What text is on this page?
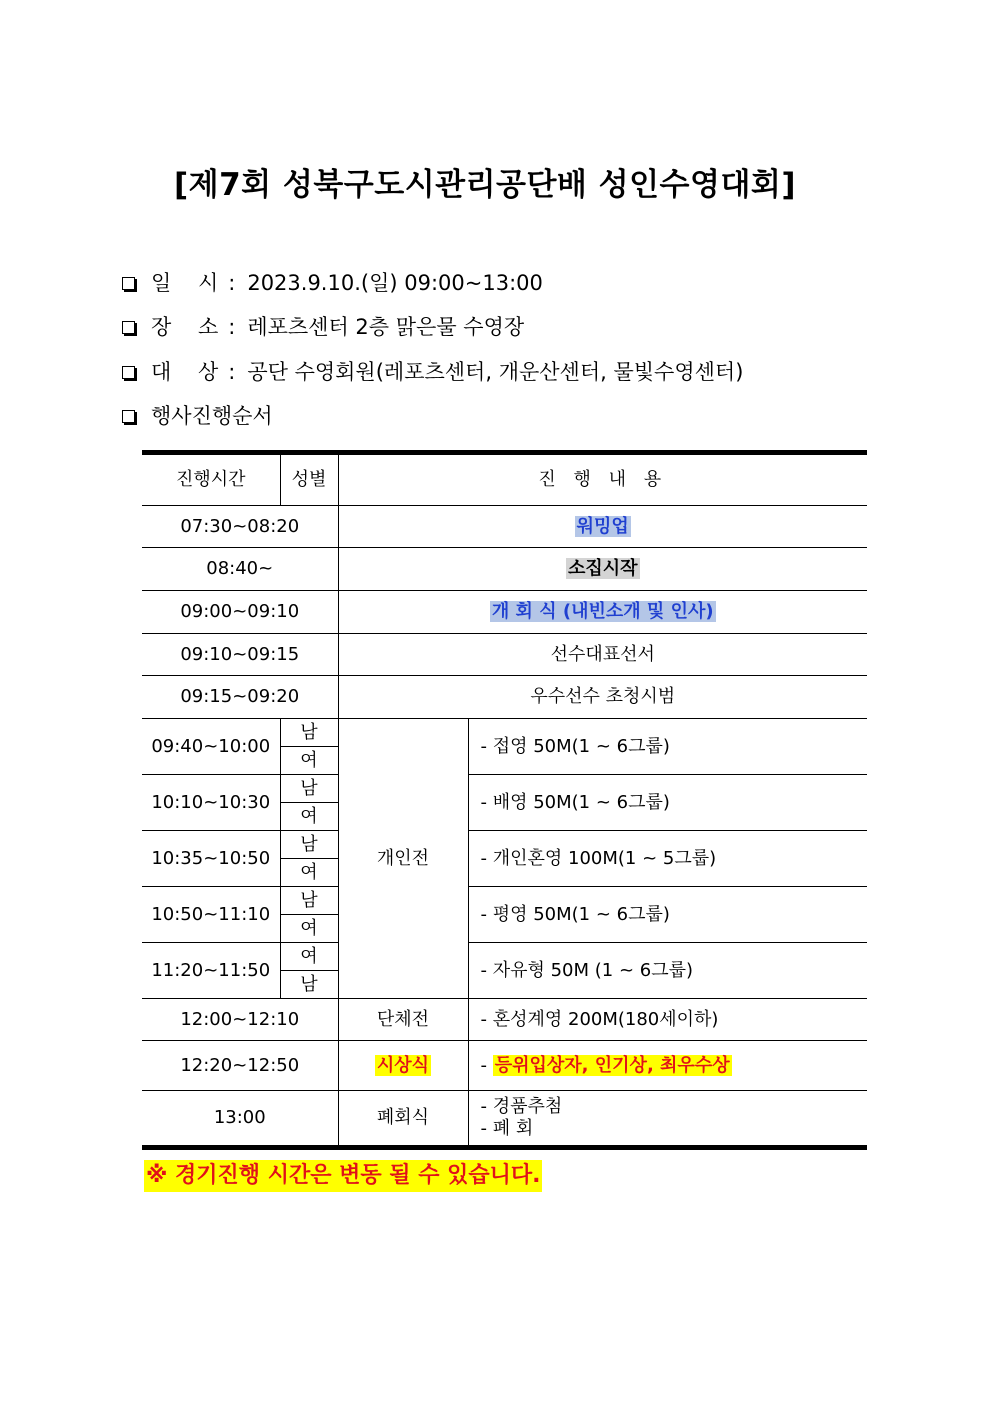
[제7회 성북구도시관리공단배 성인수영대회]
일 시 : 2023.9.10.(일) 09:00~13:00
장 소 : 레포츠센터 2층 맑은물 수영장
대 상 : 공단 수영회원(레포츠센터, 개운산센터, 물빛수영센터)
행사진행순서
진행시간	성별	진 행 내 용	
07:30~08:20		워밍업	
08:40~		소집시작	
09:00~09:10		개 회 식 (내빈소개 및 인사)	
09:10~09:15		선수대표선서	
09:15~09:20		우수선수 초청시범	
09:40~10:00	남	개인전	- 접영 50M(1 ~ 6그룹)
	여		
10:10~10:30	남		- 배영 50M(1 ~ 6그룹)
	여		
10:35~10:50	남		- 개인혼영 100M(1 ~ 5그룹)
	여		
10:50~11:10	남		- 평영 50M(1 ~ 6그룹)
	여		
11:20~11:50	여		- 자유형 50M (1 ~ 6그룹)
	남		
12:00~12:10		단체전	- 혼성계영 200M(180세이하)
12:20~12:50		시상식	- 등위입상자, 인기상, 최우수상
13:00		폐회식	- 경품추첨
- 폐 회
※ 경기진행 시간은 변동 될 수 있습니다.
